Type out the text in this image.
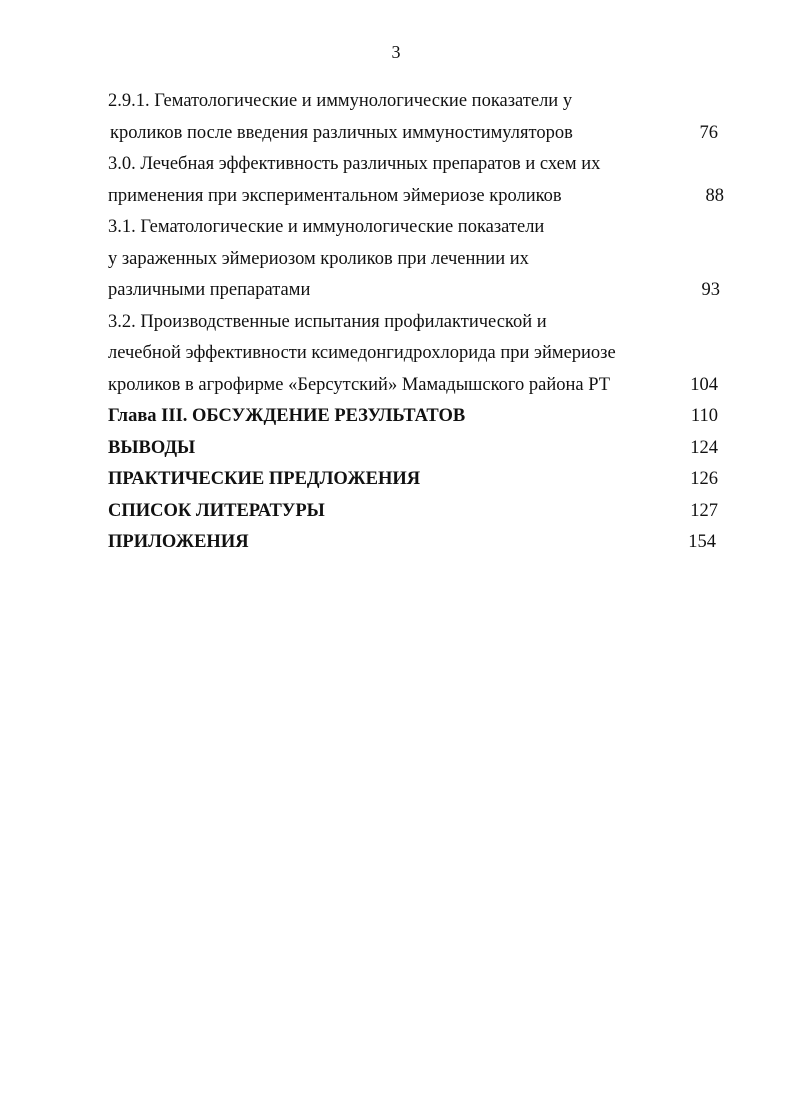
3
2.9.1. Гематологические и иммунологические показатели у
кроликов после введения различных иммуностимуляторов	76
3.0. Лечебная эффективность различных препаратов и схем их
применения при экспериментальном эймериозе кроликов	88
3.1. Гематологические и иммунологические показатели
у зараженных эймериозом кроликов при леченнии их
различными препаратами	93
3.2. Производственные испытания профилактической и
лечебной эффективности ксимедонгидрохлорида при эймериозе
кроликов в агрофирме «Берсутский» Мамадышского района РТ	104
Глава III. ОБСУЖДЕНИЕ РЕЗУЛЬТАТОВ	110
ВЫВОДЫ	124
ПРАКТИЧЕСКИЕ ПРЕДЛОЖЕНИЯ	126
СПИСОК ЛИТЕРАТУРЫ	127
ПРИЛОЖЕНИЯ	154
